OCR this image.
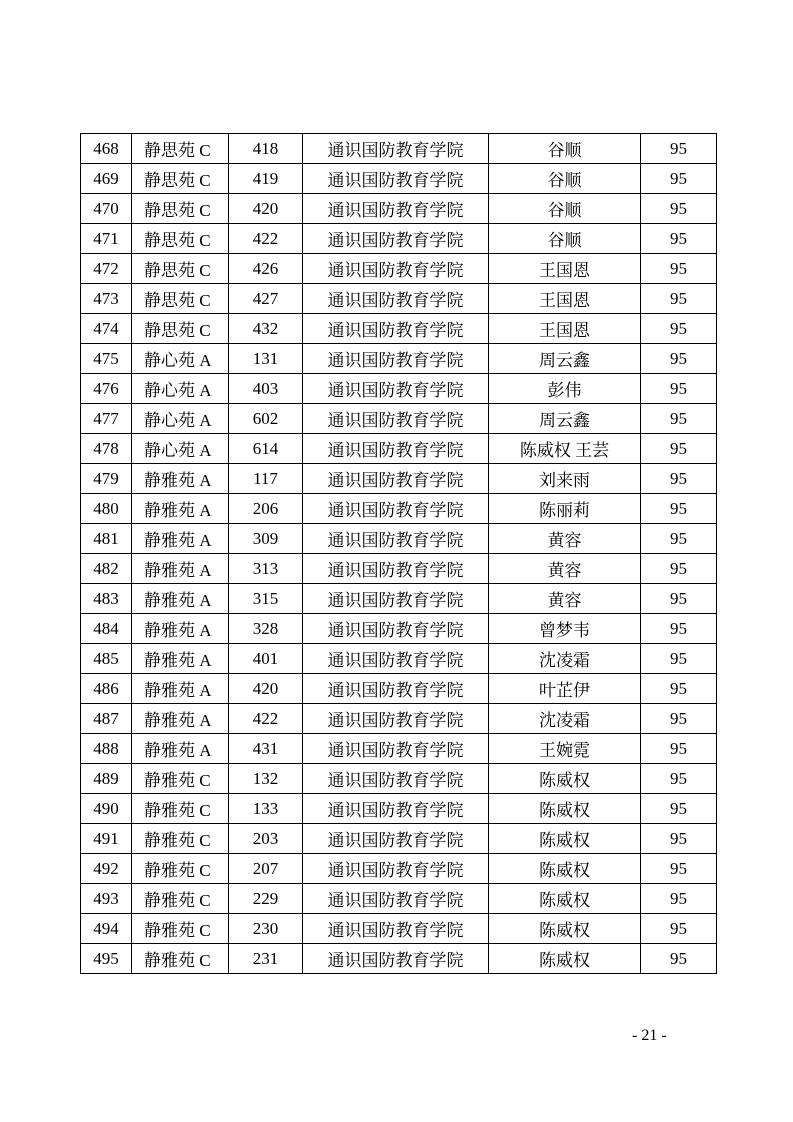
468	静思苑 C	418	通识国防教育学院	谷顺	95
469	静思苑 C	419	通识国防教育学院	谷顺	95
470	静思苑 C	420	通识国防教育学院	谷顺	95
471	静思苑 C	422	通识国防教育学院	谷顺	95
472	静思苑 C	426	通识国防教育学院	王国恩	95
473	静思苑 C	427	通识国防教育学院	王国恩	95
474	静思苑 C	432	通识国防教育学院	王国恩	95
475	静心苑 A	131	通识国防教育学院	周云鑫	95
476	静心苑 A	403	通识国防教育学院	彭伟	95
477	静心苑 A	602	通识国防教育学院	周云鑫	95
478	静心苑 A	614	通识国防教育学院	陈威权 王芸	95
479	静雅苑 A	117	通识国防教育学院	刘来雨	95
480	静雅苑 A	206	通识国防教育学院	陈丽莉	95
481	静雅苑 A	309	通识国防教育学院	黄容	95
482	静雅苑 A	313	通识国防教育学院	黄容	95
483	静雅苑 A	315	通识国防教育学院	黄容	95
484	静雅苑 A	328	通识国防教育学院	曾梦韦	95
485	静雅苑 A	401	通识国防教育学院	沈凌霜	95
486	静雅苑 A	420	通识国防教育学院	叶芷伊	95
487	静雅苑 A	422	通识国防教育学院	沈凌霜	95
488	静雅苑 A	431	通识国防教育学院	王婉霓	95
489	静雅苑 C	132	通识国防教育学院	陈威权	95
490	静雅苑 C	133	通识国防教育学院	陈威权	95
491	静雅苑 C	203	通识国防教育学院	陈威权	95
492	静雅苑 C	207	通识国防教育学院	陈威权	95
493	静雅苑 C	229	通识国防教育学院	陈威权	95
494	静雅苑 C	230	通识国防教育学院	陈威权	95
495	静雅苑 C	231	通识国防教育学院	陈威权	95
- 21 -
